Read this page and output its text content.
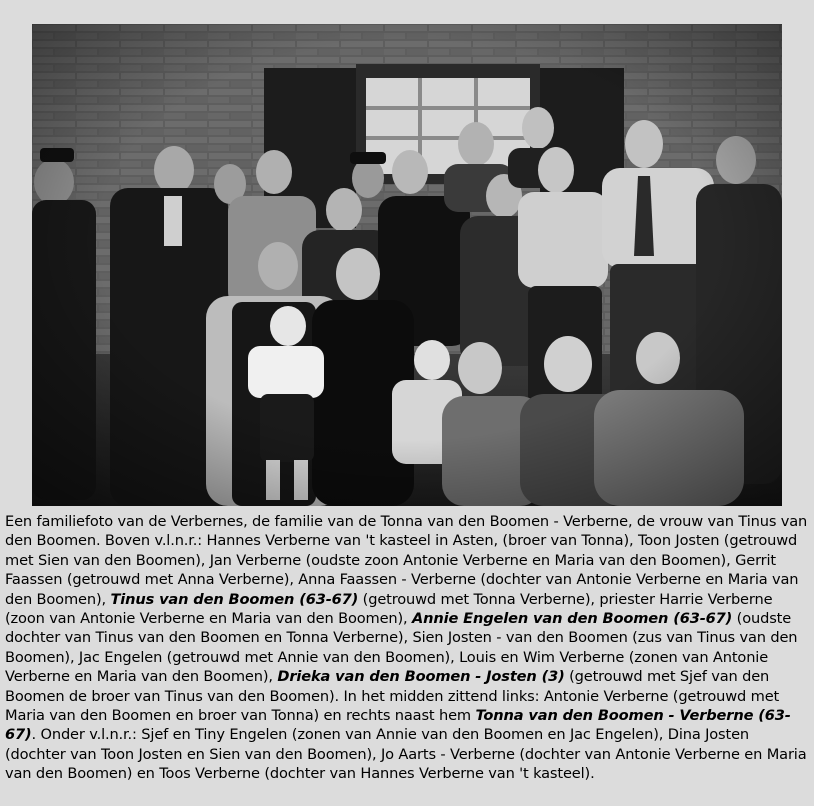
Een familiefoto van de Verbernes, de familie van de Tonna van den Boomen - Verberne, de vrouw van Tinus van den Boomen. Boven v.l.n.r.: Hannes Verberne van 't kasteel in Asten, (broer van Tonna), Toon Josten (getrouwd met Sien van den Boomen), Jan Verberne (oudste zoon Antonie Verberne en Maria van den Boomen), Gerrit Faassen (getrouwd met Anna Verberne), Anna Faassen - Verberne (dochter van Antonie Verberne en Maria van den Boomen), Tinus van den Boomen (63-67) (getrouwd met Tonna Verberne), priester Harrie Verberne (zoon van Antonie Verberne en Maria van den Boomen), Annie Engelen van den Boomen (63-67) (oudste dochter van Tinus van den Boomen en Tonna Verberne), Sien Josten - van den Boomen (zus van Tinus van den Boomen), Jac Engelen (getrouwd met Annie van den Boomen), Louis en Wim Verberne (zonen van Antonie Verberne en Maria van den Boomen), Drieka van den Boomen - Josten (3) (getrouwd met Sjef van den Boomen de broer van Tinus van den Boomen). In het midden zittend links: Antonie Verberne (getrouwd met Maria van den Boomen en broer van Tonna) en rechts naast hem Tonna van den Boomen - Verberne (63-67). Onder v.l.n.r.: Sjef en Tiny Engelen (zonen van Annie van den Boomen en Jac Engelen), Dina Josten (dochter van Toon Josten en Sien van den Boomen), Jo Aarts - Verberne (dochter van Antonie Verberne en Maria van den Boomen) en Toos Verberne (dochter van Hannes Verberne van 't kasteel).
